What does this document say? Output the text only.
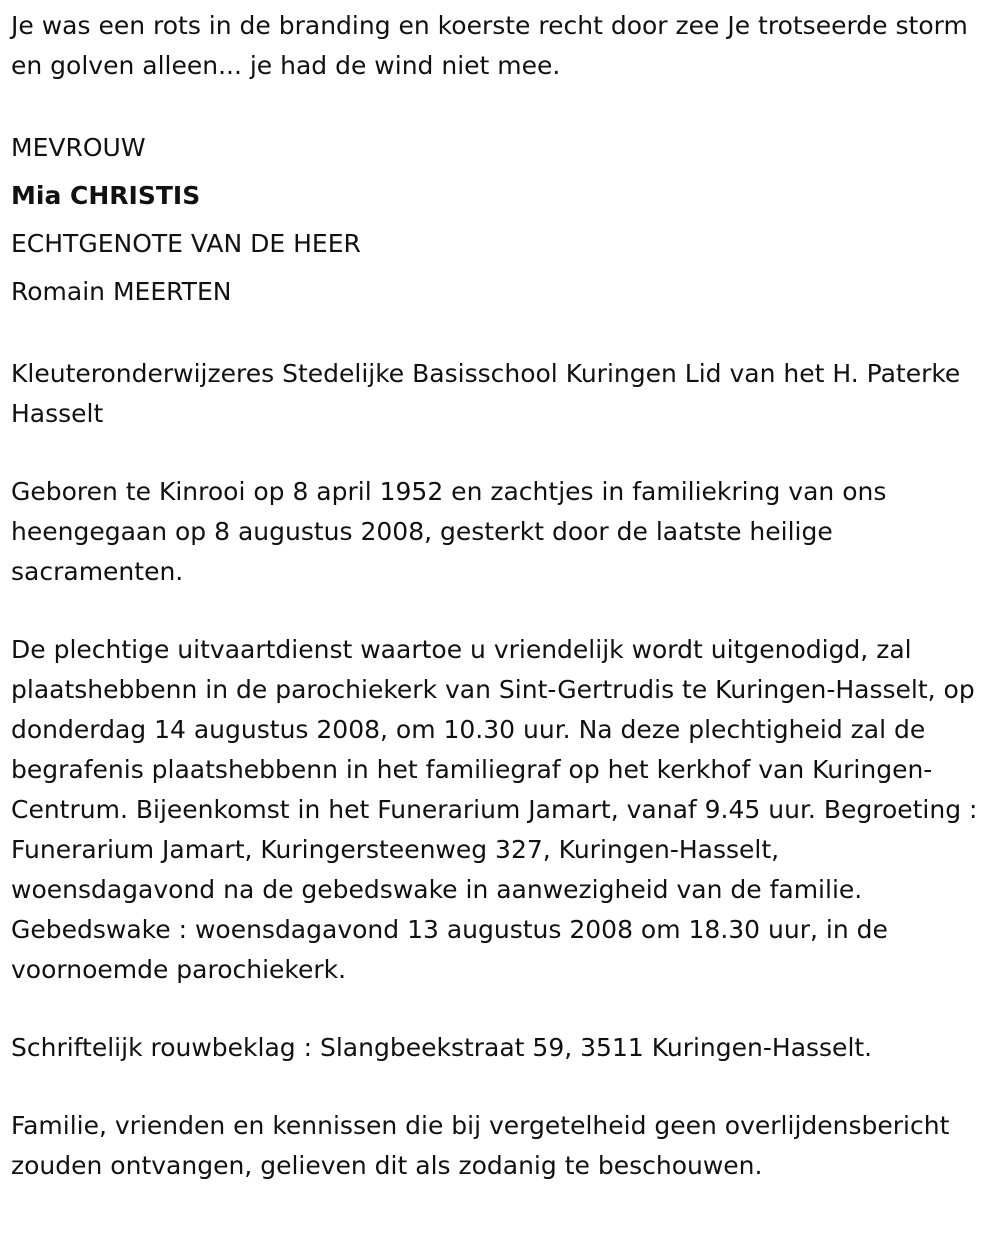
Je was een rots in de branding en koerste recht door zee Je trotseerde storm en golven alleen... je had de wind niet mee.

MEVROUW

Mia CHRISTIS

ECHTGENOTE VAN DE HEER

Romain MEERTEN

Kleuteronderwijzeres Stedelijke Basisschool Kuringen Lid van het H. Paterke Hasselt

Geboren te Kinrooi op 8 april 1952 en zachtjes in familiekring van ons heengegaan op 8 augustus 2008, gesterkt door de laatste heilige sacramenten.

De plechtige uitvaartdienst waartoe u vriendelijk wordt uitgenodigd, zal plaatshebbenn in de parochiekerk van Sint-Gertrudis te Kuringen-Hasselt, op donderdag 14 augustus 2008, om 10.30 uur. Na deze plechtigheid zal de begrafenis plaatshebbenn in het familiegraf op het kerkhof van Kuringen-Centrum. Bijeenkomst in het Funerarium Jamart, vanaf 9.45 uur. Begroeting : Funerarium Jamart, Kuringersteenweg 327, Kuringen-Hasselt, woensdagavond na de gebedswake in aanwezigheid van de familie. Gebedswake : woensdagavond 13 augustus 2008 om 18.30 uur, in de voornoemde parochiekerk.

Schriftelijk rouwbeklag : Slangbeekstraat 59, 3511 Kuringen-Hasselt.

Familie, vrienden en kennissen die bij vergetelheid geen overlijdensbericht zouden ontvangen, gelieven dit als zodanig te beschouwen.
